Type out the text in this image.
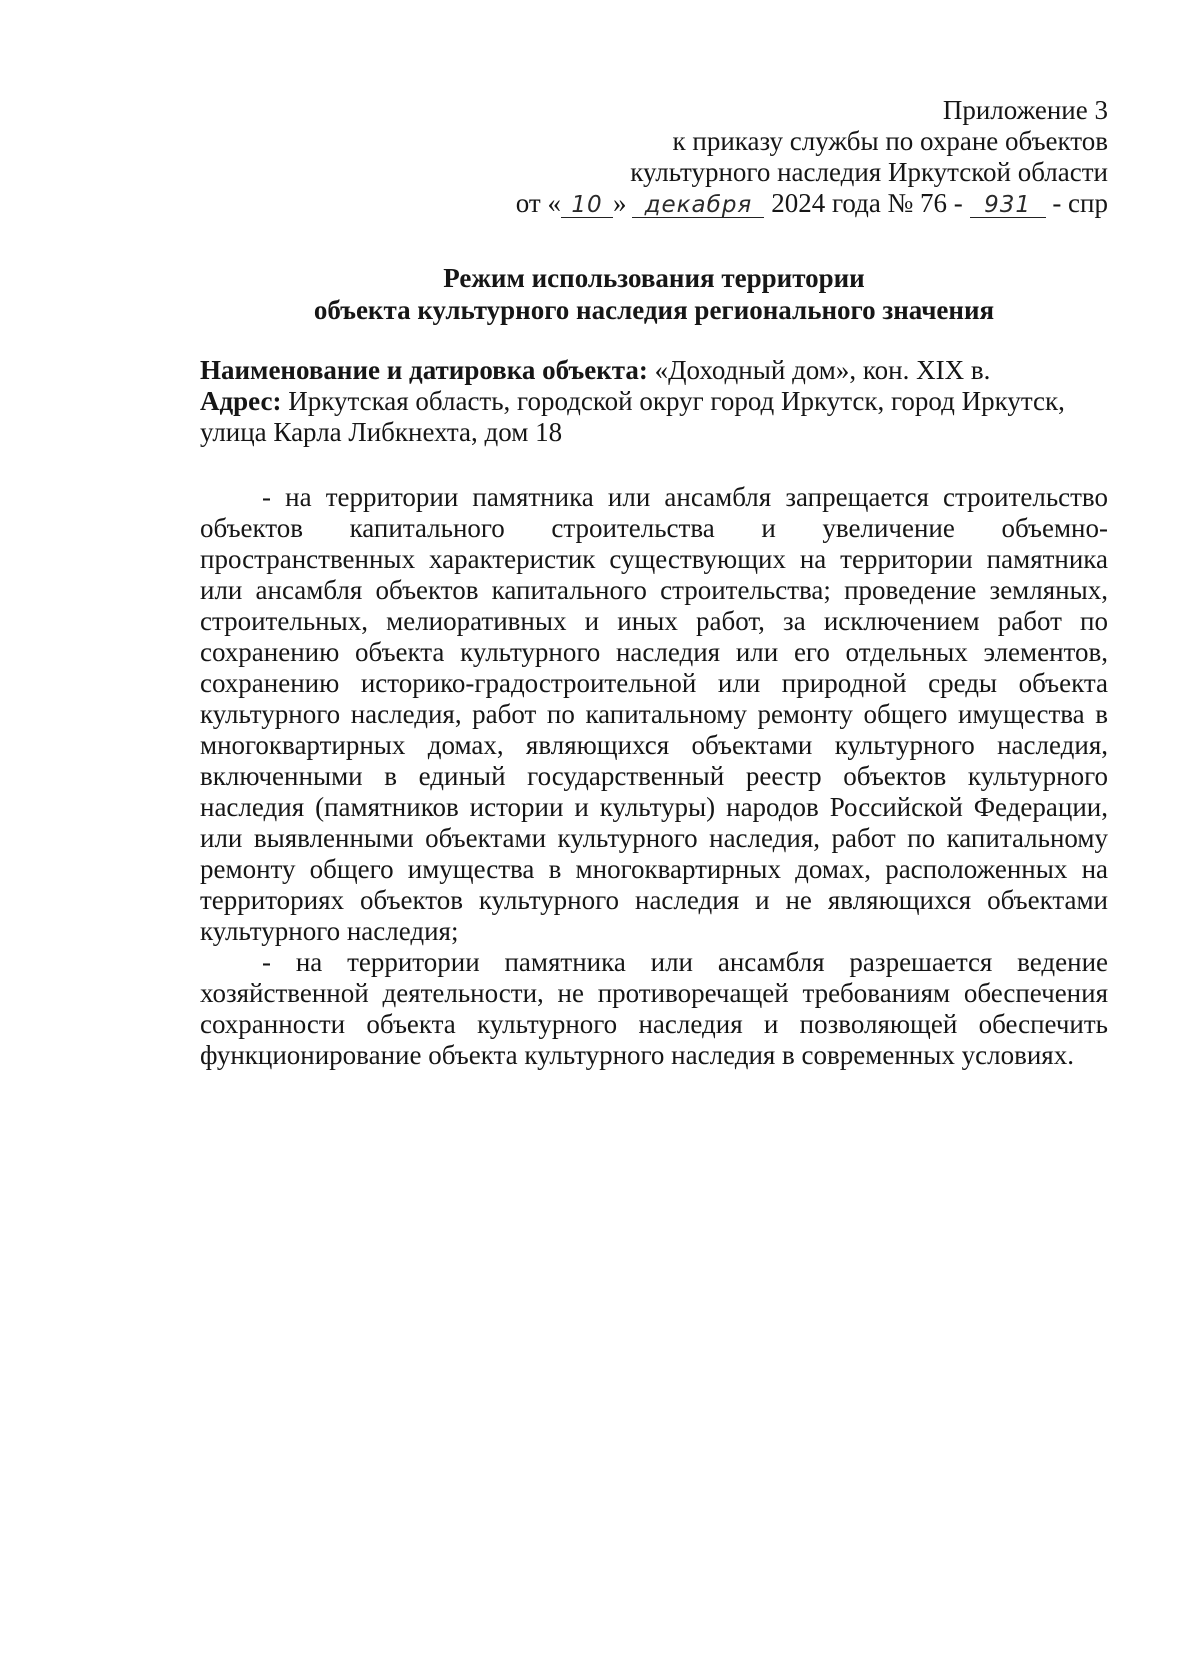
Приложение 3
к приказу службы по охране объектов
культурного наследия Иркутской области
от « 10 » декабря 2024 года № 76 - 931 - спр
Режим использования территории
объекта культурного наследия регионального значения
Наименование и датировка объекта: «Доходный дом», кон. XIX в.
Адрес: Иркутская область, городской округ город Иркутск, город Иркутск, улица Карла Либкнехта, дом 18

- на территории памятника или ансамбля запрещается строительство объектов капитального строительства и увеличение объемно-пространственных характеристик существующих на территории памятника или ансамбля объектов капитального строительства; проведение земляных, строительных, мелиоративных и иных работ, за исключением работ по сохранению объекта культурного наследия или его отдельных элементов, сохранению историко-градостроительной или природной среды объекта культурного наследия, работ по капитальному ремонту общего имущества в многоквартирных домах, являющихся объектами культурного наследия, включенными в единый государственный реестр объектов культурного наследия (памятников истории и культуры) народов Российской Федерации, или выявленными объектами культурного наследия, работ по капитальному ремонту общего имущества в многоквартирных домах, расположенных на территориях объектов культурного наследия и не являющихся объектами культурного наследия;

- на территории памятника или ансамбля разрешается ведение хозяйственной деятельности, не противоречащей требованиям обеспечения сохранности объекта культурного наследия и позволяющей обеспечить функционирование объекта культурного наследия в современных условиях.
